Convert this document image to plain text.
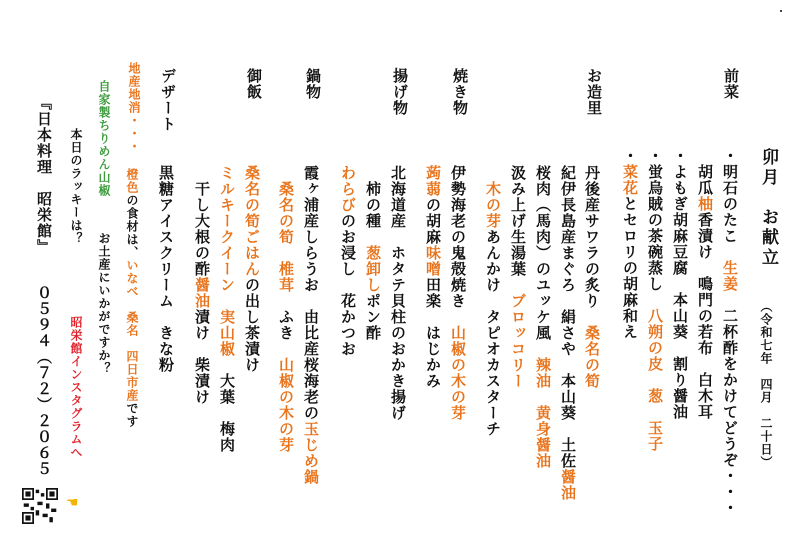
卯月　お献立
（令和七年　四月　二十日）
前菜
お造里
焼き物
揚げ物
鍋物
御飯
デザート
・明石のたこ　生姜　二杯酢をかけてどうぞ・・・
　胡瓜柚香漬け　鳴門の若布　白木耳
・よもぎ胡麻豆腐　本山葵　割り醤油
・蛍烏賊の茶碗蒸し　八朔の皮　葱　玉子
・菜花とセロリの胡麻和え
丹後産サワラの炙り　桑名の筍
紀伊長島産まぐろ　絹さや　本山葵　土佐醤油
桜肉（馬肉）のユッケ風　辣油　黄身醤油
汲み上げ生湯葉　ブロッコリー
　木の芽あんかけ　タピオカスターチ
伊勢海老の鬼殻焼き　山椒の木の芽
蒟蒻の胡麻味噌田楽　はじかみ
北海道産　ホタテ貝柱のおかき揚げ
　柿の種　葱卸しポン酢
わらびのお浸し　花かつお
霞ヶ浦産しらうお　由比産桜海老の玉じめ鍋
　桑名の筍　椎茸　ふき　山椒の木の芽
桑名の筍ごはんの出し茶漬け
ミルキークイーン　実山椒　大葉　梅肉
　干し大根の酢醤油漬け　柴漬け
黒糖アイスクリーム　きな粉
地産地消・・・
橙色の食材は、いなべ　桑名　四日市産です
自家製ちりめん山椒
お土産にいかがですか？
本日のラッキーは？
昭栄館インスタグラムへ
『日本料理　昭栄館』
０５９４（７２）２０６５
☚
